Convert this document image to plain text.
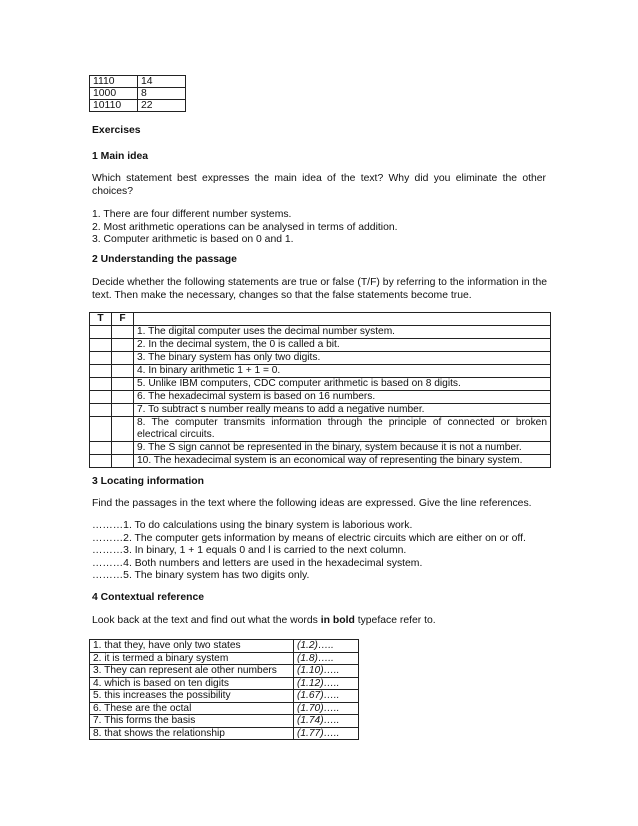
1110	14
1000	8
10110	22
Exercises
1 Main idea
Which statement best expresses the main idea of the text? Why did you eliminate the other choices?
1. There are four different number systems.
2. Most arithmetic operations can be analysed in terms of addition.
3. Computer arithmetic is based on 0 and 1.
2 Understanding the passage
Decide whether the following statements are true or false (T/F) by referring to the information in the text. Then make the necessary, changes so that the false statements become true.
T	F	
		1. The digital computer uses the decimal number system.
		2. In the decimal system, the 0 is called a bit.
		3. The binary system has only two digits.
		4. In binary arithmetic 1 + 1 = 0.
		5. Unlike IBM computers, CDC computer arithmetic is based on 8 digits.
		6. The hexadecimal system is based on 16 numbers.
		7. To subtract s number really means to add a negative number.
		8. The computer transmits information through the principle of connected or broken electrical circuits.
		9. The S sign cannot be represented in the binary, system because it is not a number.
		10. The hexadecimal system is an economical way of representing the binary system.
3 Locating information
Find the passages in the text where the following ideas are expressed. Give the line references.
………1. To do calculations using the binary system is laborious work.
………2. The computer gets information by means of electric circuits which are either on or off.
………3. In binary, 1 + 1 equals 0 and l is carried to the next column.
………4. Both numbers and letters are used in the hexadecimal system.
………5. The binary system has two digits only.
4 Contextual reference
Look back at the text and find out what the words in bold typeface refer to.
1. that they, have only two states	(1.2)…..
2. it is termed a binary system	(1.8)…..
3. They can represent ale other numbers	(1.10)…..
4. which is based on ten digits	(1.12)…..
5. this increases the possibility	(1.67)…..
6. These are the octal	(1.70)…..
7. This forms the basis	(1.74)…..
8. that shows the relationship	(1.77)…..
